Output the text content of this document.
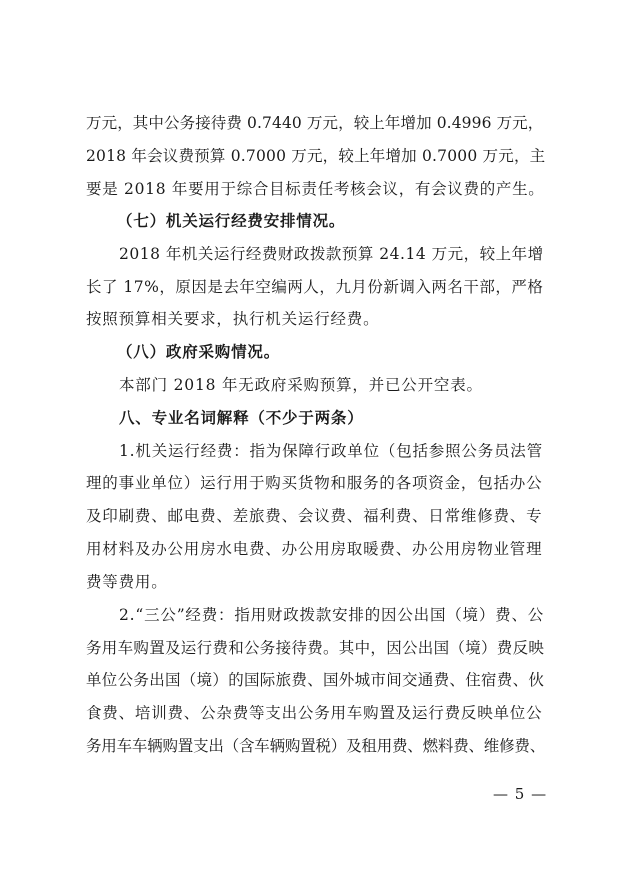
万元，其中公务接待费 0.7440 万元，较上年增加 0.4996 万元，
2018 年会议费预算 0.7000 万元，较上年增加 0.7000 万元，主
要是 2018 年要用于综合目标责任考核会议，有会议费的产生。
（七）机关运行经费安排情况。
2018 年机关运行经费财政拨款预算 24.14 万元，较上年增
长了 17%，原因是去年空编两人，九月份新调入两名干部，严格
按照预算相关要求，执行机关运行经费。
（八）政府采购情况。
本部门 2018 年无政府采购预算，并已公开空表。
八、专业名词解释（不少于两条）
1.机关运行经费：指为保障行政单位（包括参照公务员法管
理的事业单位）运行用于购买货物和服务的各项资金，包括办公
及印刷费、邮电费、差旅费、会议费、福利费、日常维修费、专
用材料及办公用房水电费、办公用房取暖费、办公用房物业管理
费等费用。
2.“三公”经费：指用财政拨款安排的因公出国（境）费、公
务用车购置及运行费和公务接待费。其中，因公出国（境）费反映
单位公务出国（境）的国际旅费、国外城市间交通费、住宿费、伙
食费、培训费、公杂费等支出公务用车购置及运行费反映单位公
务用车车辆购置支出（含车辆购置税）及租用费、燃料费、维修费、
— 5 —
